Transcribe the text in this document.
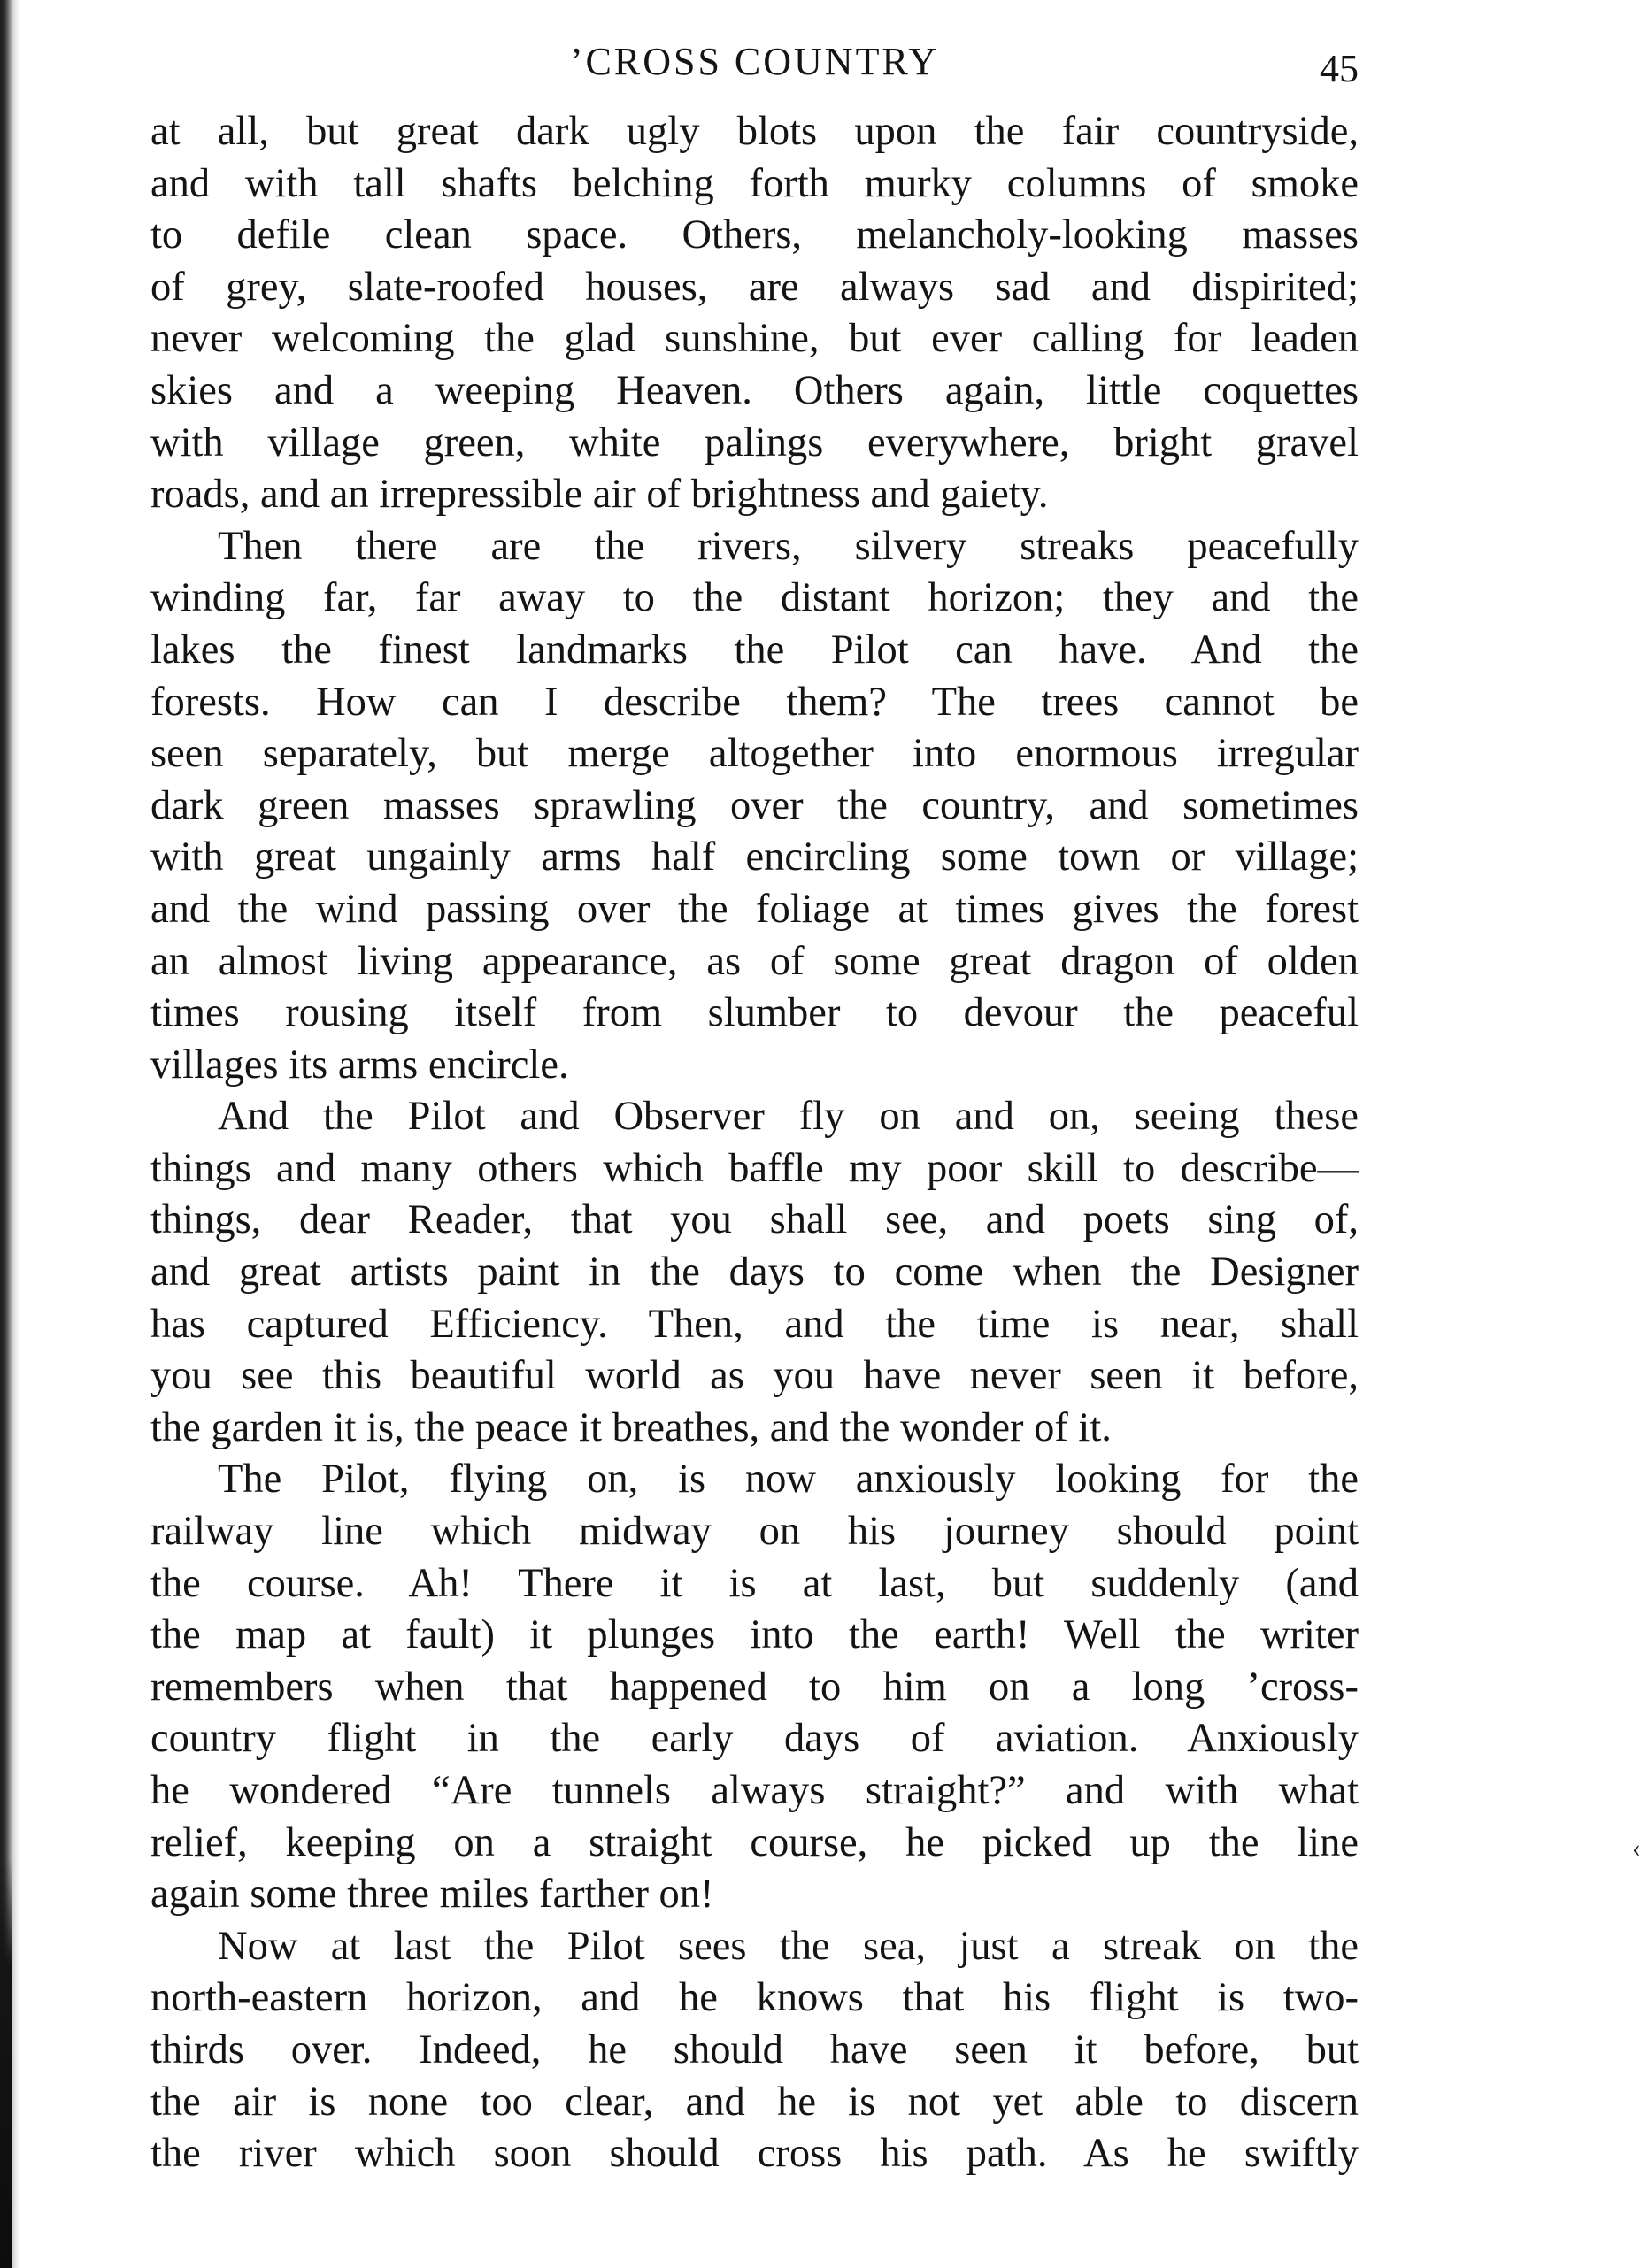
’CROSS COUNTRY	45
at all, but great dark ugly blots upon the fair countryside,
and with tall shafts belching forth murky columns of smoke
to defile clean space. Others, melancholy-looking masses
of grey, slate-roofed houses, are always sad and dispirited;
never welcoming the glad sunshine, but ever calling for leaden
skies and a weeping Heaven. Others again, little coquettes
with village green, white palings everywhere, bright gravel
roads, and an irrepressible air of brightness and gaiety.
Then there are the rivers, silvery streaks peacefully
winding far, far away to the distant horizon; they and the
lakes the finest landmarks the Pilot can have. And the
forests. How can I describe them? The trees cannot be
seen separately, but merge altogether into enormous irregular
dark green masses sprawling over the country, and sometimes
with great ungainly arms half encircling some town or village;
and the wind passing over the foliage at times gives the forest
an almost living appearance, as of some great dragon of olden
times rousing itself from slumber to devour the peaceful
villages its arms encircle.
And the Pilot and Observer fly on and on, seeing these
things and many others which baffle my poor skill to describe—
things, dear Reader, that you shall see, and poets sing of,
and great artists paint in the days to come when the Designer
has captured Efficiency. Then, and the time is near, shall
you see this beautiful world as you have never seen it before,
the garden it is, the peace it breathes, and the wonder of it.
The Pilot, flying on, is now anxiously looking for the
railway line which midway on his journey should point
the course. Ah! There it is at last, but suddenly (and
the map at fault) it plunges into the earth! Well the writer
remembers when that happened to him on a long ’cross-
country flight in the early days of aviation. Anxiously
he wondered “Are tunnels always straight?” and with what
relief, keeping on a straight course, he picked up the line
again some three miles farther on!
Now at last the Pilot sees the sea, just a streak on the
north-eastern horizon, and he knows that his flight is two-
thirds over. Indeed, he should have seen it before, but
the air is none too clear, and he is not yet able to discern
the river which soon should cross his path. As he swiftly
‹
